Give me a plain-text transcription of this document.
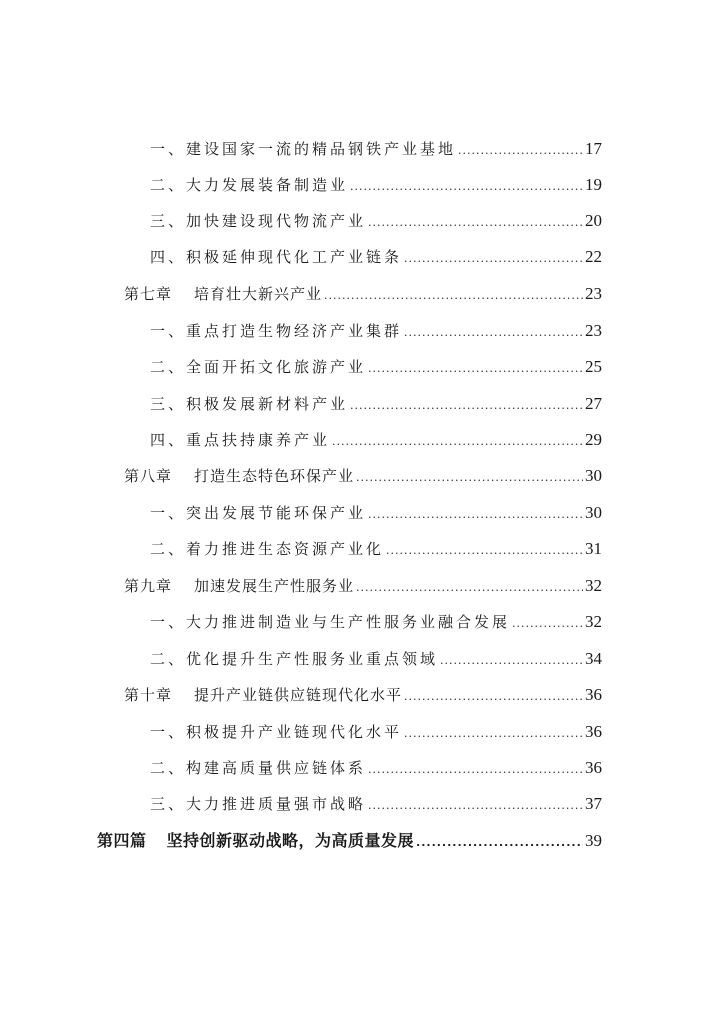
一、建设国家一流的精品钢铁产业基地 .....	17
二、大力发展装备制造业 .....	19
三、加快建设现代物流产业 .....	20
四、积极延伸现代化工产业链条 .....	22
第七章 培育壮大新兴产业 .....	23
一、重点打造生物经济产业集群 .....	23
二、全面开拓文化旅游产业 .....	25
三、积极发展新材料产业 .....	27
四、重点扶持康养产业 .....	29
第八章 打造生态特色环保产业 .....	30
一、突出发展节能环保产业 .....	30
二、着力推进生态资源产业化 .....	31
第九章 加速发展生产性服务业 .....	32
一、大力推进制造业与生产性服务业融合发展 .....	32
二、优化提升生产性服务业重点领域 .....	34
第十章 提升产业链供应链现代化水平 .....	36
一、积极提升产业链现代化水平 .....	36
二、构建高质量供应链体系 .....	36
三、大力推进质量强市战略 .....	37
第四篇 坚持创新驱动战略，为高质量发展 .....	39
